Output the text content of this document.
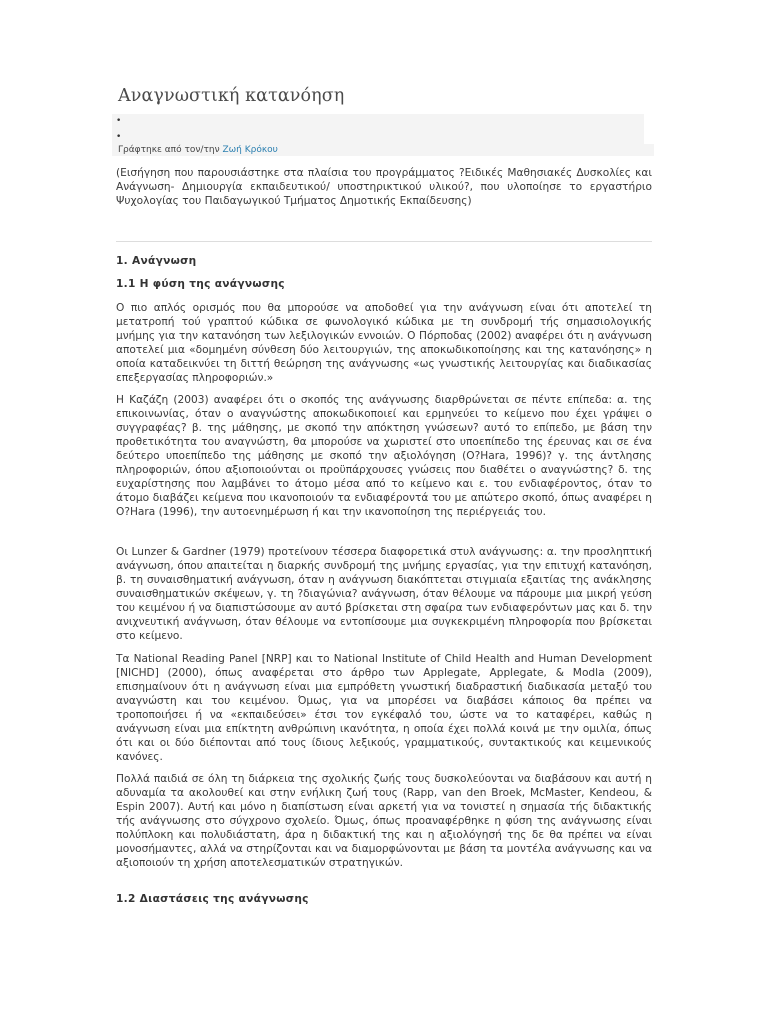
Αναγνωστική κατανόηση
•
•
Γράφτηκε από τον/την Ζωή Κρόκου

(Εισήγηση που παρουσιάστηκε στα πλαίσια του προγράμματος ?Ειδικές Μαθησιακές Δυσκολίες και Ανάγνωση- Δημιουργία εκπαιδευτικού/ υποστηρικτικού υλικού?, που υλοποίησε το εργαστήριο Ψυχολογίας του Παιδαγωγικού Τμήματος Δημοτικής Εκπαίδευσης)

1. Ανάγνωση
1.1 Η φύση της ανάγνωσης

Ο πιο απλός ορισμός που θα μπορούσε να αποδοθεί για την ανάγνωση είναι ότι αποτελεί τη μετατροπή τού γραπτού κώδικα σε φωνολογικό κώδικα με τη συνδρομή τής σημασιολογικής μνήμης για την κατανόηση των λεξιλογικών εννοιών. Ο Πόρποδας (2002) αναφέρει ότι η ανάγνωση αποτελεί μια «δομημένη σύνθεση δύο λειτουργιών, της αποκωδικοποίησης και της κατανόησης» η οποία καταδεικνύει τη διττή θεώρηση της ανάγνωσης «ως γνωστικής λειτουργίας και διαδικασίας επεξεργασίας πληροφοριών.»

Η Καζάζη (2003) αναφέρει ότι ο σκοπός της ανάγνωσης διαρθρώνεται σε πέντε επίπεδα: α. της επικοινωνίας, όταν ο αναγνώστης αποκωδικοποιεί και ερμηνεύει το κείμενο που έχει γράψει ο συγγραφέας? β. της μάθησης, με σκοπό την απόκτηση γνώσεων? αυτό το επίπεδο, με βάση την προθετικότητα του αναγνώστη, θα μπορούσε να χωριστεί στο υποεπίπεδο της έρευνας και σε ένα δεύτερο υποεπίπεδο της μάθησης με σκοπό την αξιολόγηση (O?Hara, 1996)? γ. της άντλησης πληροφοριών, όπου αξιοποιούνται οι προϋπάρχουσες γνώσεις που διαθέτει ο αναγνώστης? δ. της ευχαρίστησης που λαμβάνει το άτομο μέσα από το κείμενο και ε. του ενδιαφέροντος, όταν το άτομο διαβάζει κείμενα που ικανοποιούν τα ενδιαφέροντά του με απώτερο σκοπό, όπως αναφέρει η O?Hara (1996), την αυτοενημέρωση ή και την ικανοποίηση της περιέργειάς του.

Οι Lunzer & Gardner (1979) προτείνουν τέσσερα διαφορετικά στυλ ανάγνωσης: α. την προσληπτική ανάγνωση, όπου απαιτείται η διαρκής συνδρομή της μνήμης εργασίας, για την επιτυχή κατανόηση, β. τη συναισθηματική ανάγνωση, όταν η ανάγνωση διακόπτεται στιγμιαία εξαιτίας της ανάκλησης συναισθηματικών σκέψεων, γ. τη ?διαγώνια? ανάγνωση, όταν θέλουμε να πάρουμε μια μικρή γεύση του κειμένου ή να διαπιστώσουμε αν αυτό βρίσκεται στη σφαίρα των ενδιαφερόντων μας και δ. την ανιχνευτική ανάγνωση, όταν θέλουμε να εντοπίσουμε μια συγκεκριμένη πληροφορία που βρίσκεται στο κείμενο.

Τα National Reading Panel [NRP] και το National Institute of Child Health and Human Development [NICHD] (2000), όπως αναφέρεται στο άρθρο των Applegate, Applegate, & Modla (2009), επισημαίνουν ότι η ανάγνωση είναι μια εμπρόθετη γνωστική διαδραστική διαδικασία μεταξύ του αναγνώστη και του κειμένου. Όμως, για να μπορέσει να διαβάσει κάποιος θα πρέπει να τροποποιήσει ή να «εκπαιδεύσει» έτσι τον εγκέφαλό του, ώστε να το καταφέρει, καθώς η ανάγνωση είναι μια επίκτητη ανθρώπινη ικανότητα, η οποία έχει πολλά κοινά με την ομιλία, όπως ότι και οι δύο διέπονται από τους ίδιους λεξικούς, γραμματικούς, συντακτικούς και κειμενικούς κανόνες.

Πολλά παιδιά σε όλη τη διάρκεια της σχολικής ζωής τους δυσκολεύονται να διαβάσουν και αυτή η αδυναμία τα ακολουθεί και στην ενήλικη ζωή τους (Rapp, van den Broek, McMaster, Kendeou, & Espin 2007). Αυτή και μόνο η διαπίστωση είναι αρκετή για να τονιστεί η σημασία τής διδακτικής τής ανάγνωσης στο σύγχρονο σχολείο. Όμως, όπως προαναφέρθηκε η φύση της ανάγνωσης είναι πολύπλοκη και πολυδιάστατη, άρα η διδακτική της και η αξιολόγησή της δε θα πρέπει να είναι μονοσήμαντες, αλλά να στηρίζονται και να διαμορφώνονται με βάση τα μοντέλα ανάγνωσης και να αξιοποιούν τη χρήση αποτελεσματικών στρατηγικών.

1.2 Διαστάσεις της ανάγνωσης
